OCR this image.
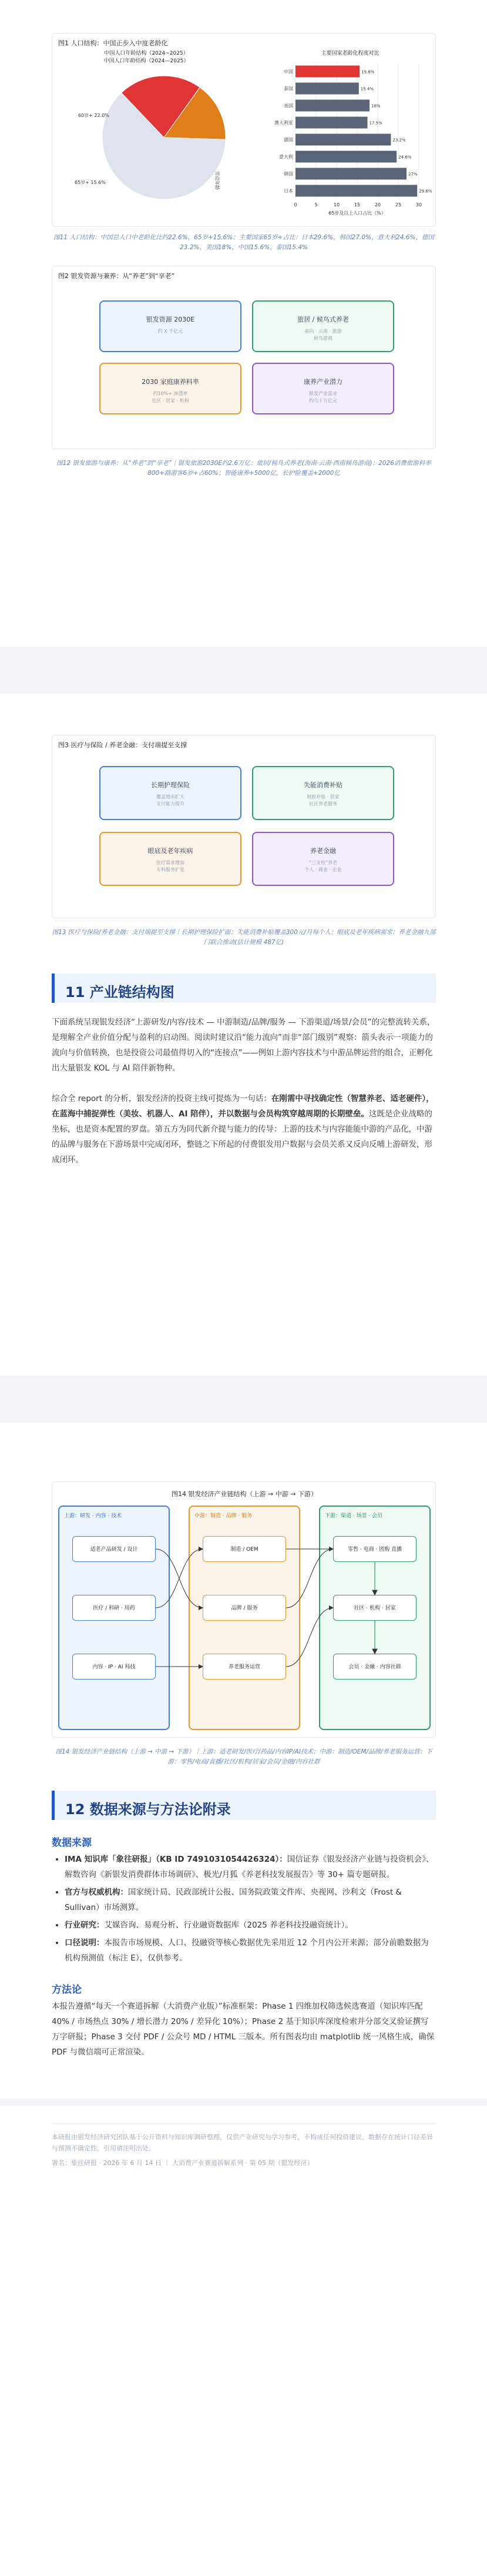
图1 人口结构：中国正步入中度老龄化
中国人口年龄结构（2024~2025）
中国人口年龄结构（2024—2025）
60岁+ 22.0%
65岁+ 15.6%	劳动年龄
主要国家老龄化程度对比
0	5	10	15	20	25	30
中国	15.6%
泰国	15.4%
美国	18%
澳大利亚	17.5%
德国	23.2%
意大利	24.6%
韩国	27%
日本	29.6%
65岁及以上人口占比（%）
图11 人口结构：中国总人口中老龄化比约22.6%，65岁+15.6%；主要国家65岁+占比：日本29.6%，韩国27.0%，意大利24.6%，德国23.2%，美国18%，中国15.6%，泰国15.4%
图2 银发资源与兼养：从“养老”到“享老”
银发资源 2030E
约 X 千亿元
旅居 / 候鸟式养老
南向 · 云南 · 旅游
候鸟游商
2030 家庭康养料率
约10%+ 渗透率
社区 · 居家 · 机构
康养产业潜力
银发产业需求
约几十万亿元
图12 银发旅游与康养：从“养老”到“享老”｜银发旅游2030E约2.6万亿；旅居/候鸟式养老(海南·云南·西南候鸟游商)：2026消费旅游料率800+路游客6岁+占60%；智能康养+5000亿，长护险覆盖+2000亿
图3 医疗与保险 / 养老金融：支付端提至支撑
长期护理保险
覆盖地市扩大
支付能力提升
失能消费补贴
财政补贴 · 居家
社区养老服务
眼底及老年疾病
医疗需求增加
专科服务扩张
养老金融
“三支柱”养老
个人 · 商业 · 企业
图13 医疗与保险/养老金融：支付端提至支撑｜长期护理保险扩面；失能消费补贴覆盖300元/月每个人；眼底及老年疾病需求；养老金融九部门联合推动(估计规模 487亿)
11 产业链结构图
下面系统呈现银发经济“上游研发/内容/技术 — 中游制造/品牌/服务 — 下游渠道/场景/会员”的完整流转关系，是理解全产业价值分配与盈利的启动图。阅读时建议沿“能力流向”而非“部门级别”观察：箭头表示一项能力的流向与价值转换，也是投资公司最值得切入的“连接点”——例如上游内容技术与中游品牌运营的组合，正孵化出大量银发 KOL 与 AI 陪伴新物种。
综合全 report 的分析，银发经济的投资主线可提炼为一句话：在刚需中寻找确定性（智慧养老、适老硬件），在蓝海中捕捉弹性（美妆、机器人、AI 陪伴），并以数据与会员构筑穿越周期的长期壁垒。这既是企业战略的坐标，也是资本配置的罗盘。第五方为同代新介提与能力的传导：上游的技术与内容能能中游的产品化，中游的品牌与服务在下游场景中完成闭环，整链之下所起的付费银发用户数据与会员关系又反向反哺上游研发，形成闭环。
图14 银发经济产业链结构（上游 → 中游 → 下游）
上游：研发 · 内容 · 技术	中游：制造 · 品牌 · 服务	下游：渠道 · 场景 · 会员
适老产品研发 / 设计
医疗 / 科研 · 用药
内容 · IP · AI 科技
制造 / OEM
品牌 / 服务
养老服务运营
零售 · 电商 · 团购 直播
社区 · 机构 · 居家
会员 · 金融 · 内容社群
图14 银发经济产业链结构（上游 → 中游 → 下游）｜上游：适老研发/医疗/药品/内容IP/AI技术；中游：制造/OEM/品牌/养老服务运营；下游：零售/电商/直播/社区/机构/居家/会员/金融/内容社群
12 数据来源与方法论附录
数据来源
• IMA 知识库「象往研报」（KB ID 7491031054426324）：国信证券《银发经济产业链与投资机会》、解数咨询《新银发消费群体市场调研》、极光/月狐《养老科技发展报告》等 30+ 篇专题研报。
• 官方与权威机构：国家统计局、民政部统计公报、国务院政策文件库、央视网、沙利文（Frost & Sullivan）市场测算。
• 行业研究：艾媒咨询、易观分析、行业融资数据库（2025 养老科技投融资统计）。
• 口径说明：本报告市场规模、人口、投融资等核心数据优先采用近 12 个月内公开来源；部分前瞻数据为机构预测值（标注 E），仅供参考。
方法论
本报告遵循“每天一个赛道拆解（大消费产业版）”标准框架：Phase 1 四维加权筛选候选赛道（知识库匹配 40% / 市场热点 30% / 增长潜力 20% / 差异化 10%）；Phase 2 基于知识库深度检索并分部交叉验证撰写万字研报；Phase 3 交付 PDF / 公众号 MD / HTML 三版本。所有图表均由 matplotlib 统一风格生成，确保 PDF 与微信端可正常渲染。
本研报由银发经济研究团队基于公开资料与知识库调研整理，仅供产业研究与学习参考，不构成任何投资建议。数据存在统计口径差异与预测不确定性，引用请注明出处。
署名：象往研报 · 2026 年 6 月 14 日 ｜ 大消费产业赛道拆解系列 · 第 05 期（银发经济）
